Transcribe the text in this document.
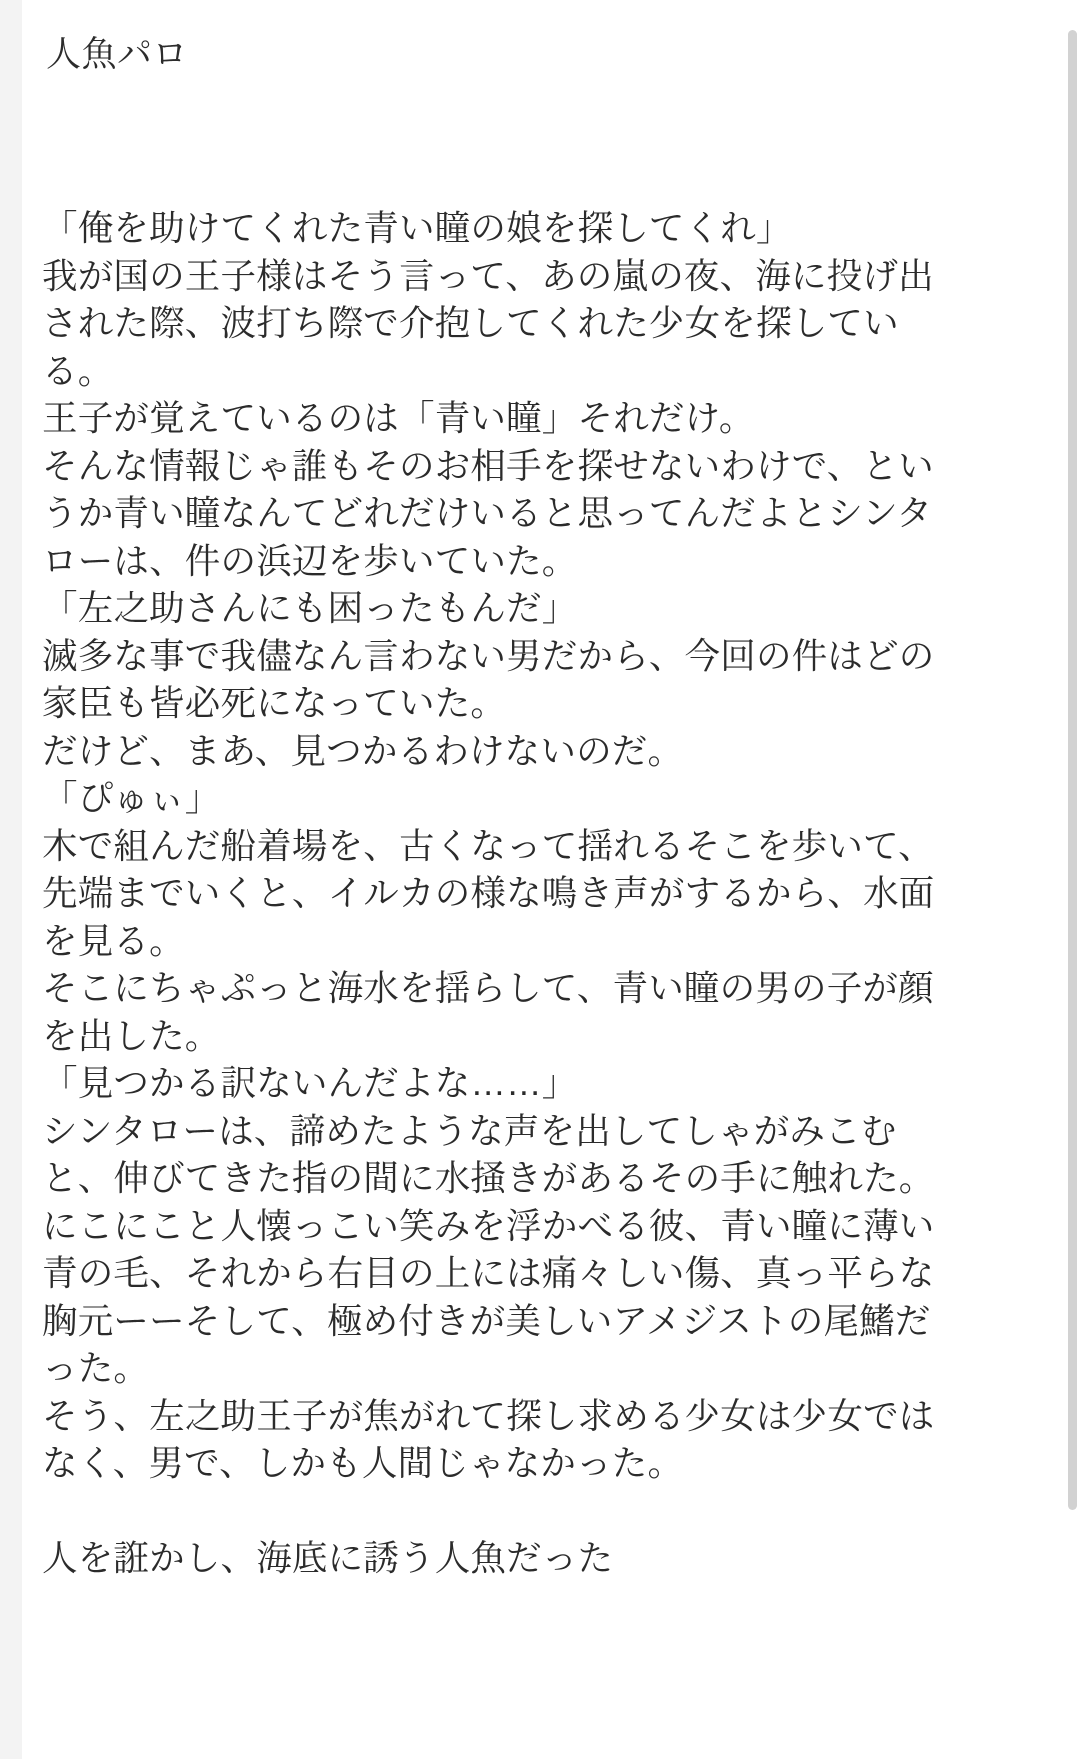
人魚パロ

「俺を助けてくれた青い瞳の娘を探してくれ」

我が国の王子様はそう言って、あの嵐の夜、海に投げ出された際、波打ち際で介抱してくれた少女を探している。

王子が覚えているのは「青い瞳」それだけ。

そんな情報じゃ誰もそのお相手を探せないわけで、というか青い瞳なんてどれだけいると思ってんだよとシンタローは、件の浜辺を歩いていた。

「左之助さんにも困ったもんだ」

滅多な事で我儘なん言わない男だから、今回の件はどの家臣も皆必死になっていた。

だけど、まあ、見つかるわけないのだ。

「ぴゅぃ」

木で組んだ船着場を、古くなって揺れるそこを歩いて、先端までいくと、イルカの様な鳴き声がするから、水面を見る。

そこにちゃぷっと海水を揺らして、青い瞳の男の子が顔を出した。

「見つかる訳ないんだよな……」

シンタローは、諦めたような声を出してしゃがみこむと、伸びてきた指の間に水掻きがあるその手に触れた。

にこにこと人懐っこい笑みを浮かべる彼、青い瞳に薄い青の毛、それから右目の上には痛々しい傷、真っ平らな胸元ーーそして、極め付きが美しいアメジストの尾鰭だった。

そう、左之助王子が焦がれて探し求める少女は少女ではなく、男で、しかも人間じゃなかった。

人を誑かし、海底に誘う人魚だった
